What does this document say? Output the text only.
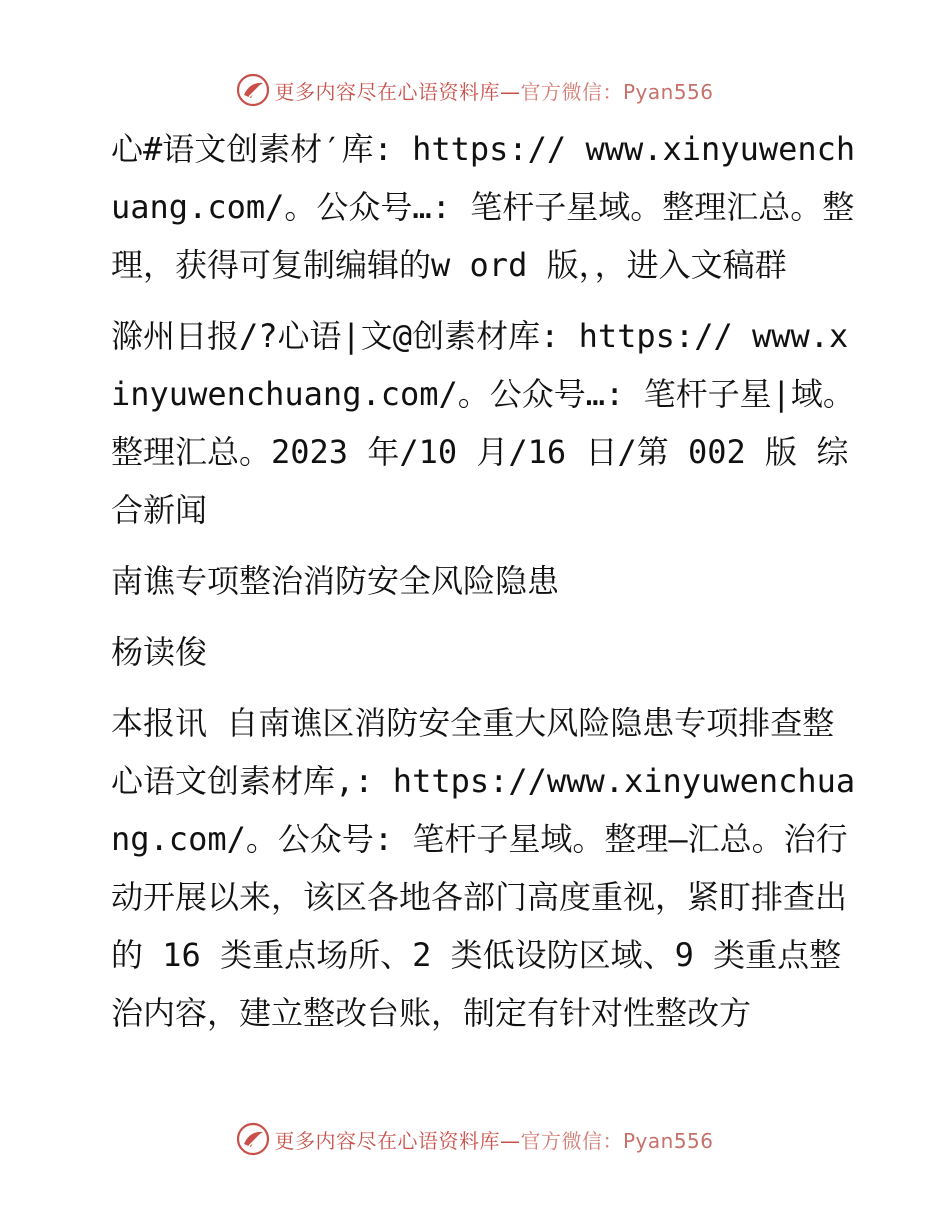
更多内容尽在心语资料库—官方微信：Pyan556

心#语文创素材′库: https:// www.xinyuwenchuang.com/。公众号…: 笔杆子星域。整理汇总。整理，获得可复制编辑的w ord 版，，进入文稿群

滁州日报/?心语|文@创素材库: https:// www.xinyuwenchuang.com/。公众号…: 笔杆子星|域。整理汇总。2023 年/10 月/16 日/第 002 版 综合新闻

南谯专项整治消防安全风险隐患

杨读俊

本报讯 自南谯区消防安全重大风险隐患专项排查整心语文创素材库,: https://www.xinyuwenchuang.com/。公众号: 笔杆子星域。整理—汇总。治行动开展以来，该区各地各部门高度重视，紧盯排查出的 16 类重点场所、2 类低设防区域、9 类重点整治内容，建立整改台账，制定有针对性整改方

更多内容尽在心语资料库—官方微信：Pyan556
